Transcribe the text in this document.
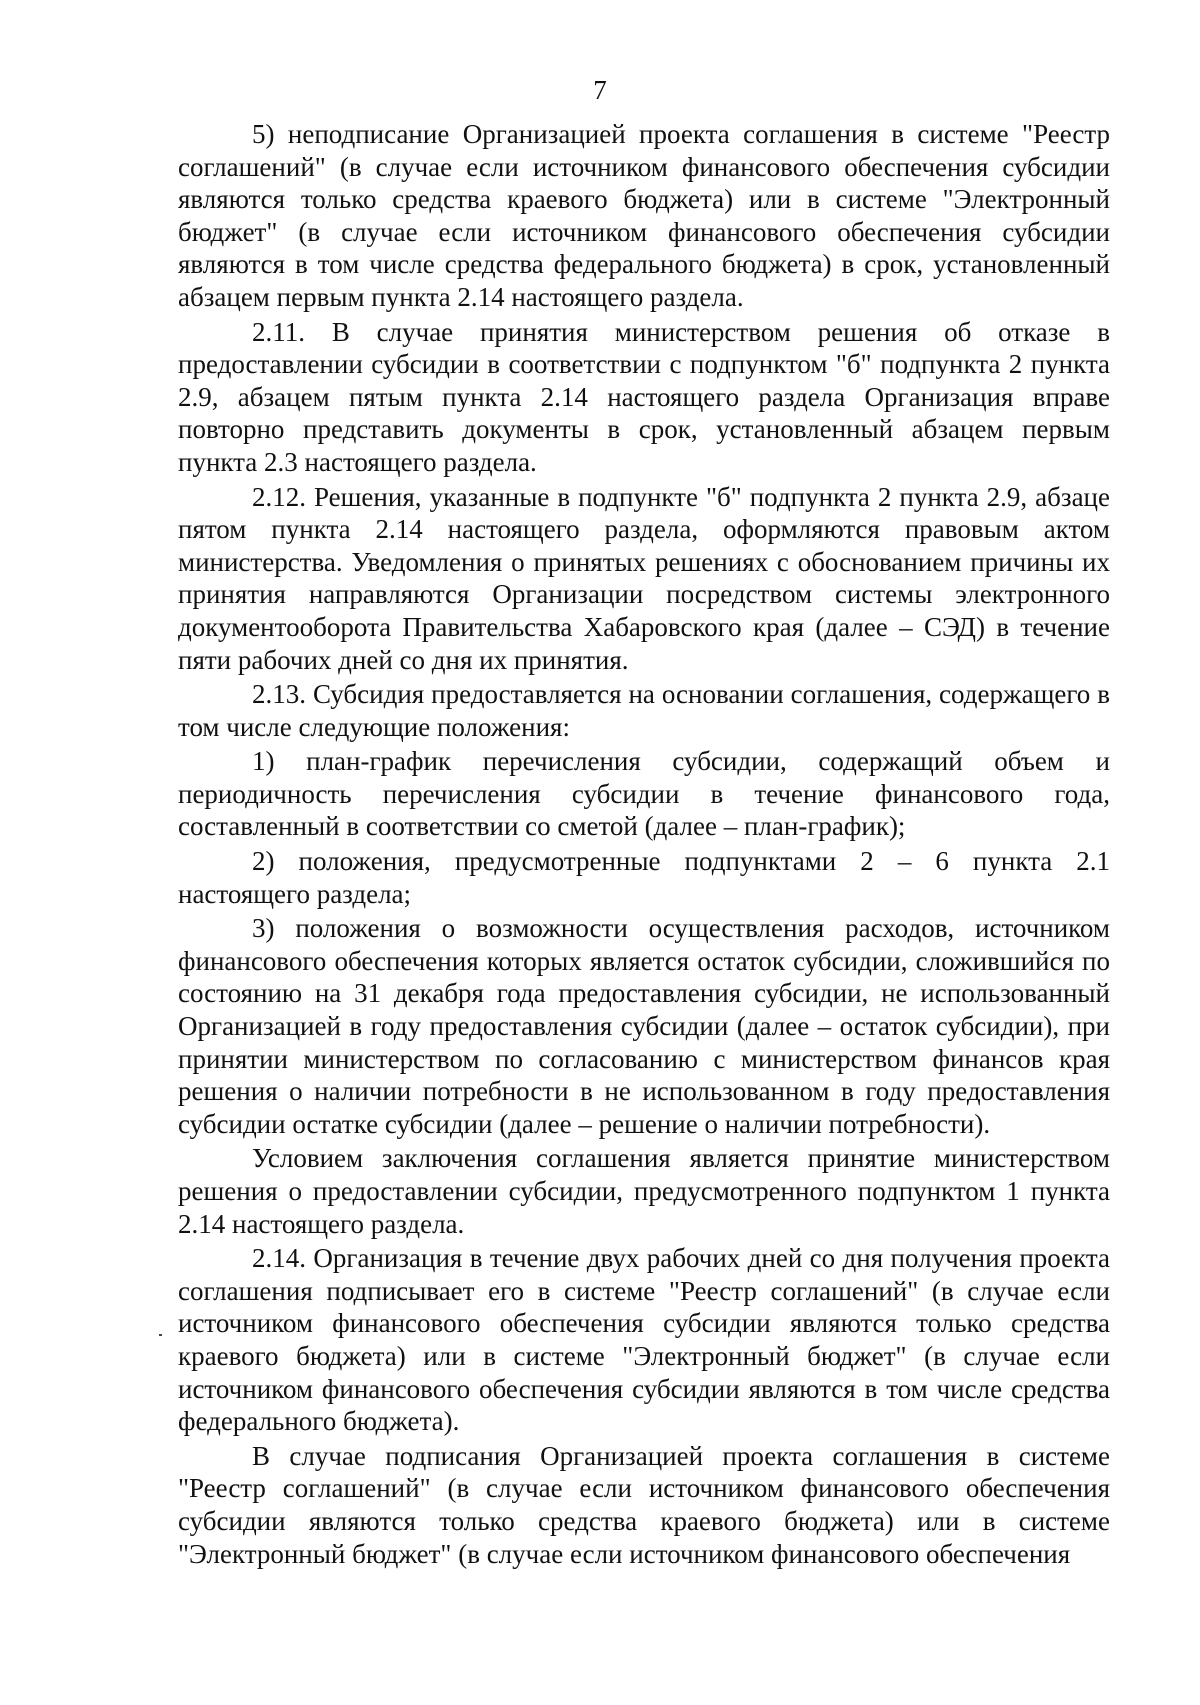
7

5) неподписание Организацией проекта соглашения в системе "Реестр соглашений" (в случае если источником финансового обеспечения субсидии являются только средства краевого бюджета) или в системе "Электронный бюджет" (в случае если источником финансового обеспечения субсидии являются в том числе средства федерального бюджета) в срок, установленный абзацем первым пункта 2.14 настоящего раздела.

2.11. В случае принятия министерством решения об отказе в предоставлении субсидии в соответствии с подпунктом "б" подпункта 2 пункта 2.9, абзацем пятым пункта 2.14 настоящего раздела Организация вправе повторно представить документы в срок, установленный абзацем первым пункта 2.3 настоящего раздела.

2.12. Решения, указанные в подпункте "б" подпункта 2 пункта 2.9, абзаце пятом пункта 2.14 настоящего раздела, оформляются правовым актом министерства. Уведомления о принятых решениях с обоснованием причины их принятия направляются Организации посредством системы электронного документооборота Правительства Хабаровского края (далее – СЭД) в течение пяти рабочих дней со дня их принятия.

2.13. Субсидия предоставляется на основании соглашения, содержащего в том числе следующие положения:

1) план-график перечисления субсидии, содержащий объем и периодичность перечисления субсидии в течение финансового года, составленный в соответствии со сметой (далее – план-график);

2) положения, предусмотренные подпунктами 2 – 6 пункта 2.1 настоящего раздела;

3) положения о возможности осуществления расходов, источником финансового обеспечения которых является остаток субсидии, сложившийся по состоянию на 31 декабря года предоставления субсидии, не использованный Организацией в году предоставления субсидии (далее – остаток субсидии), при принятии министерством по согласованию с министерством финансов края решения о наличии потребности в не использованном в году предоставления субсидии остатке субсидии (далее – решение о наличии потребности).

Условием заключения соглашения является принятие министерством решения о предоставлении субсидии, предусмотренного подпунктом 1 пункта 2.14 настоящего раздела.

2.14. Организация в течение двух рабочих дней со дня получения проекта соглашения подписывает его в системе "Реестр соглашений" (в случае если источником финансового обеспечения субсидии являются только средства краевого бюджета) или в системе "Электронный бюджет" (в случае если источником финансового обеспечения субсидии являются в том числе средства федерального бюджета).

В случае подписания Организацией проекта соглашения в системе "Реестр соглашений" (в случае если источником финансового обеспечения субсидии являются только средства краевого бюджета) или в системе "Электронный бюджет" (в случае если источником финансового обеспечения
